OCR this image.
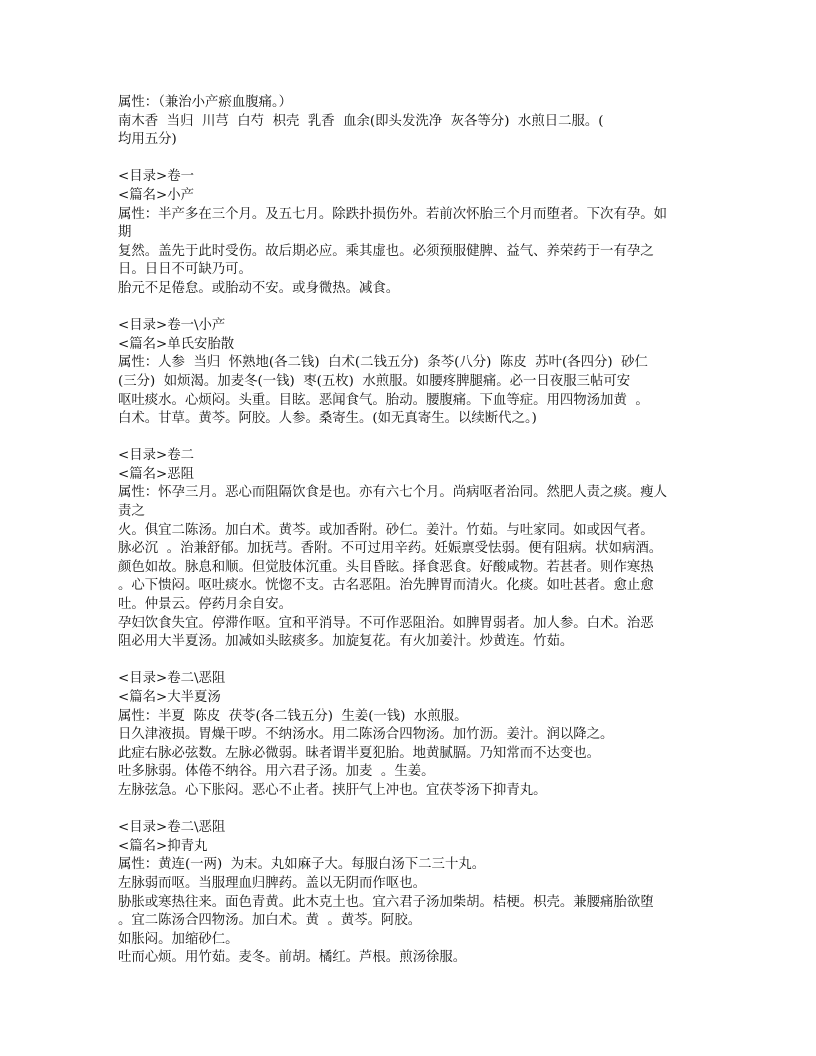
属性：（兼治小产瘀血腹痛。）
南木香  当归  川芎  白芍  枳壳  乳香  血余(即头发洗净  灰各等分)  水煎日二服。(
均用五分)
<目录>卷一
<篇名>小产
属性：半产多在三个月。及五七月。除跌扑损伤外。若前次怀胎三个月而堕者。下次有孕。如
期
复然。盖先于此时受伤。故后期必应。乘其虚也。必须预服健脾、益气、养荣药于一有孕之
日。日日不可缺乃可。
胎元不足倦怠。或胎动不安。或身微热。减食。
<目录>卷一\小产
<篇名>单氏安胎散
属性：人参  当归  怀熟地(各二钱)  白术(二钱五分)  条芩(八分)  陈皮  苏叶(各四分)  砂仁
(三分)  如烦渴。加麦冬(一钱)  枣(五枚)  水煎服。如腰疼脾腿痛。必一日夜服三帖可安
呕吐痰水。心烦闷。头重。目眩。恶闻食气。胎动。腰腹痛。下血等症。用四物汤加黄  。
白术。甘草。黄芩。阿胶。人参。桑寄生。(如无真寄生。以续断代之。)
<目录>卷二
<篇名>恶阻
属性：怀孕三月。恶心而阻隔饮食是也。亦有六七个月。尚病呕者治同。然肥人责之痰。瘦人
责之
火。俱宜二陈汤。加白术。黄芩。或加香附。砂仁。姜汁。竹茹。与吐家同。如或因气者。
脉必沉  。治兼舒郁。加抚芎。香附。不可过用辛药。妊娠禀受怯弱。便有阻病。状如病酒。
颜色如故。脉息和顺。但觉肢体沉重。头目昏眩。择食恶食。好酸咸物。若甚者。则作寒热
。心下愦闷。呕吐痰水。恍惚不支。古名恶阻。治先脾胃而清火。化痰。如吐甚者。愈止愈
吐。仲景云。停药月余自安。
孕妇饮食失宜。停滞作呕。宜和平消导。不可作恶阻治。如脾胃弱者。加人参。白术。治恶
阻必用大半夏汤。加减如头眩痰多。加旋复花。有火加姜汁。炒黄连。竹茹。
<目录>卷二\恶阻
<篇名>大半夏汤
属性：半夏  陈皮  茯苓(各二钱五分)  生姜(一钱)  水煎服。
日久津液损。胃燥干哕。不纳汤水。用二陈汤合四物汤。加竹沥。姜汁。润以降之。
此症右脉必弦数。左脉必微弱。昧者谓半夏犯胎。地黄腻膈。乃知常而不达变也。
吐多脉弱。体倦不纳谷。用六君子汤。加麦  。生姜。
左脉弦急。心下胀闷。恶心不止者。挟肝气上冲也。宜茯苓汤下抑青丸。
<目录>卷二\恶阻
<篇名>抑青丸
属性：黄连(一两)  为末。丸如麻子大。每服白汤下二三十丸。
左脉弱而呕。当服理血归脾药。盖以无阴而作呕也。
胁胀或寒热往来。面色青黄。此木克土也。宜六君子汤加柴胡。桔梗。枳壳。兼腰痛胎欲堕
。宜二陈汤合四物汤。加白术。黄  。黄芩。阿胶。
如胀闷。加缩砂仁。
吐而心烦。用竹茹。麦冬。前胡。橘红。芦根。煎汤徐服。
